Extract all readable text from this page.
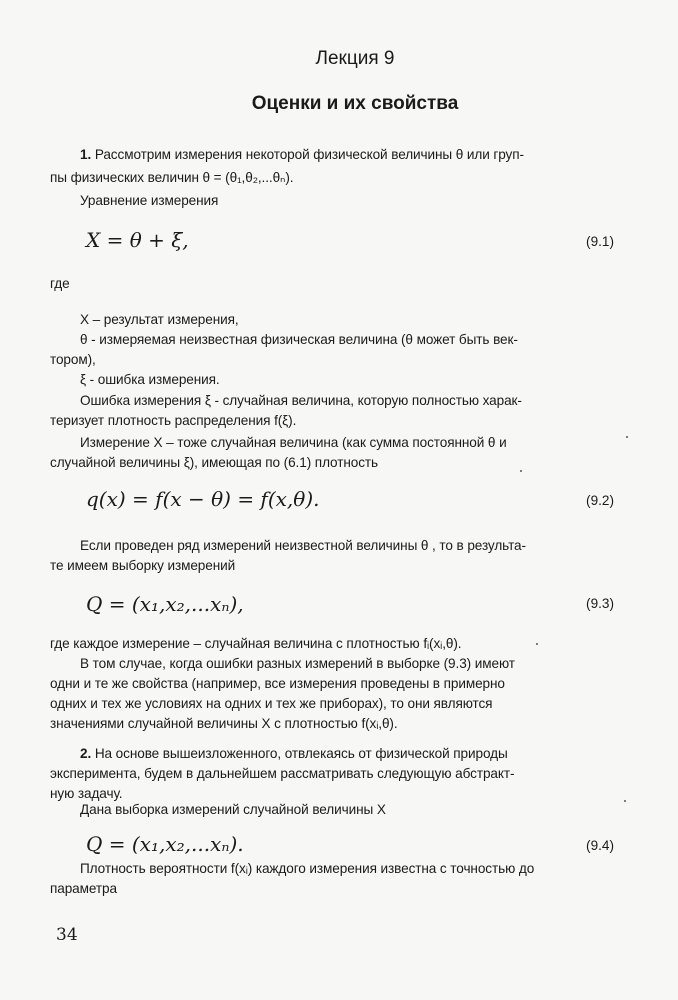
Лекция 9
Оценки и их свойства
1. Рассмотрим измерения некоторой физической величины θ или груп-
пы физических величин θ = (θ₁,θ₂,...θₙ).
Уравнение измерения
X = θ + ξ,	(9.1)
где
X – результат измерения,
θ - измеряемая неизвестная физическая величина (θ может быть век-
тором),
ξ - ошибка измерения.
Ошибка измерения ξ - случайная величина, которую полностью харак-
теризует плотность распределения f(ξ).
Измерение X – тоже случайная величина (как сумма постоянной θ и
случайной величины ξ), имеющая по (6.1) плотность
q(x) = f(x − θ) = f(x,θ).	(9.2)
Если проведен ряд измерений неизвестной величины θ , то в результа-
те имеем выборку измерений
Q = (x₁,x₂,...xₙ),	(9.3)
где каждое измерение – случайная величина с плотностью fᵢ(xᵢ,θ).
В том случае, когда ошибки разных измерений в выборке (9.3) имеют
одни и те же свойства (например, все измерения проведены в примерно
одних и тех же условиях на одних и тех же приборах), то они являются
значениями случайной величины X с плотностью f(xᵢ,θ).
2. На основе вышеизложенного, отвлекаясь от физической природы
эксперимента, будем в дальнейшем рассматривать следующую абстракт-
ную задачу.
Дана выборка измерений случайной величины X
Q = (x₁,x₂,...xₙ).	(9.4)
Плотность вероятности f(xᵢ) каждого измерения известна с точностью до
параметра
34
